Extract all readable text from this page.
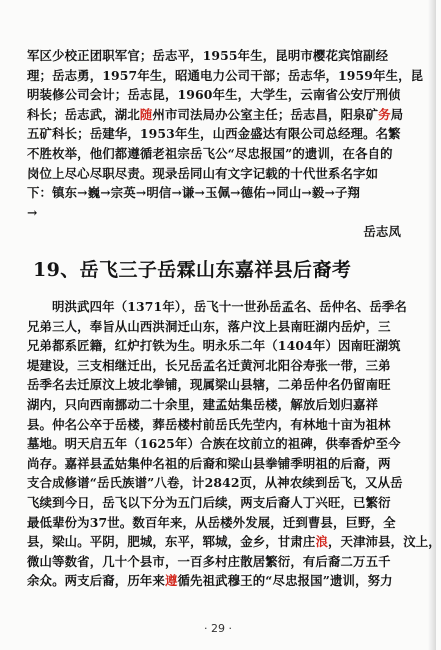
军区少校正团职军官；岳志平，1955年生，昆明市樱花宾馆副经
理；岳志勇，1957年生，昭通电力公司干部；岳志华，1959年生，昆
明装修公司会计；岳志昆，1960年生，大学生，云南省公安厅刑侦
科长；岳志武，湖北随州市司法局办公室主任；岳志昌，阳泉矿务局
五矿科长；岳建华，1953年生，山西金盛达有限公司总经理。名繁
不胜枚举，他们都遵循老祖宗岳飞公“尽忠报国”的遗训，在各自的
岗位上尽心尽职尽责。现录岳同山有文字记载的十代世系名字如
下：镇东→巍→宗英→明信→谦→玉佩→德佑→同山→毅→子翔
→
岳志凤
19、岳飞三子岳霖山东嘉祥县后裔考
明洪武四年（1371年），岳飞十一世孙岳孟名、岳仲名、岳季名
兄弟三人，奉旨从山西洪洞迁山东，落户汶上县南旺湖内岳炉，三
兄弟都系匠籍，红炉打铁为生。明永乐二年（1404年）因南旺湖筑
堤建设，三支相继迁出，长兄岳孟名迁黄河北阳谷寿张一带，三弟
岳季名去迁原汶上坡北拳铺，现属梁山县辖，二弟岳仲名仍留南旺
湖内，只向西南挪动二十余里，建孟姑集岳楼，解放后划归嘉祥
县。仲名公卒于岳楼，葬岳楼村前岳氏先茔内，有林地十亩为祖林
墓地。明天启五年（1625年）合族在坟前立的祖碑，供奉香炉至今
尚存。嘉祥县孟姑集仲名祖的后裔和梁山县拳铺季明祖的后裔，两
支合成修谱“岳氏族谱”八卷，计2842页，从神农续到岳飞，又从岳
飞续到今日，岳飞以下分为五门后续，两支后裔人丁兴旺，已繁衍
最低辈份为37世。数百年来，从岳楼外发展，迁到曹县，巨野，全
县，梁山。平阴，肥城，东平，郓城，金乡，甘肃庄浪，天津沛县，汶上，
微山等数省，几十个县市，一百多村庄散居繁衍，有后裔二万五千
余众。两支后裔，历年来遵循先祖武穆王的“尽忠报国”遗训，努力
· 29 ·
